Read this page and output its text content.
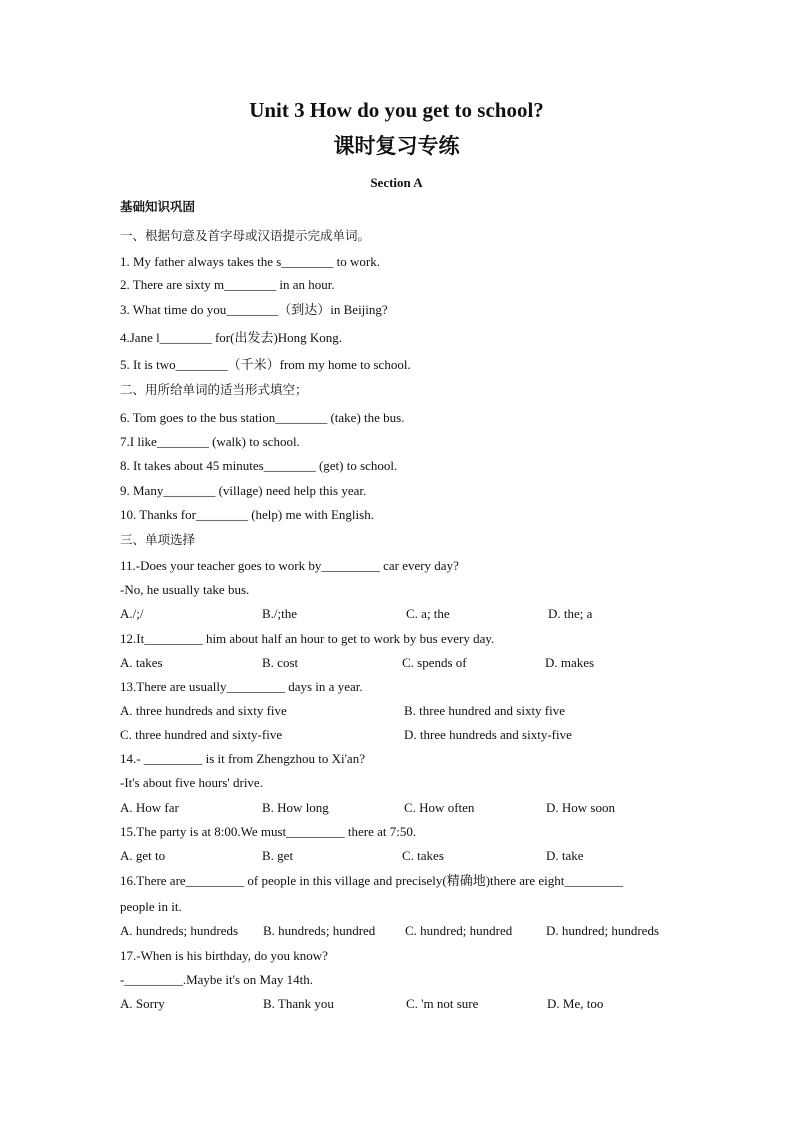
Unit 3 How do you get to school?
课时复习专练
Section A
基础知识巩固
一、根据句意及首字母或汉语提示完成单词。
1. My father always takes the s________ to work.
2. There are sixty m________ in an hour.
3. What time do you________（到达）in Beijing?
4.Jane l________ for(出发去)Hong Kong.
5. It is two________（千米）from my home to school.
二、用所给单词的适当形式填空；
6. Tom goes to the bus station________ (take) the bus.
7.I like________ (walk) to school.
8. It takes about 45 minutes________ (get) to school.
9. Many________ (village) need help this year.
10. Thanks for________ (help) me with English.
三、单项选择
11.-Does your teacher goes to work by_________ car every day?
-No, he usually take bus.
A./;/	B./;the	C. a; the	D. the; a
12.It_________ him about half an hour to get to work by bus every day.
A. takes	B. cost	C. spends of	D. makes
13.There are usually_________ days in a year.
A. three hundreds and sixty five	B. three hundred and sixty five
C. three hundred and sixty-five	D. three hundreds and sixty-five
14.- _________ is it from Zhengzhou to Xi'an?
-It's about five hours' drive.
A. How far	B. How long	C. How often	D. How soon
15.The party is at 8:00.We must_________ there at 7:50.
A. get to	B. get	C. takes	D. take
16.There are_________ of people in this village and precisely(精确地)there are eight_________
people in it.
A. hundreds; hundreds B. hundreds; hundred C. hundred; hundred	D. hundred; hundreds
17.-When is his birthday, do you know?
-_________.Maybe it's on May 14th.
A. Sorry	B. Thank you	C. 'm not sure	D. Me, too
